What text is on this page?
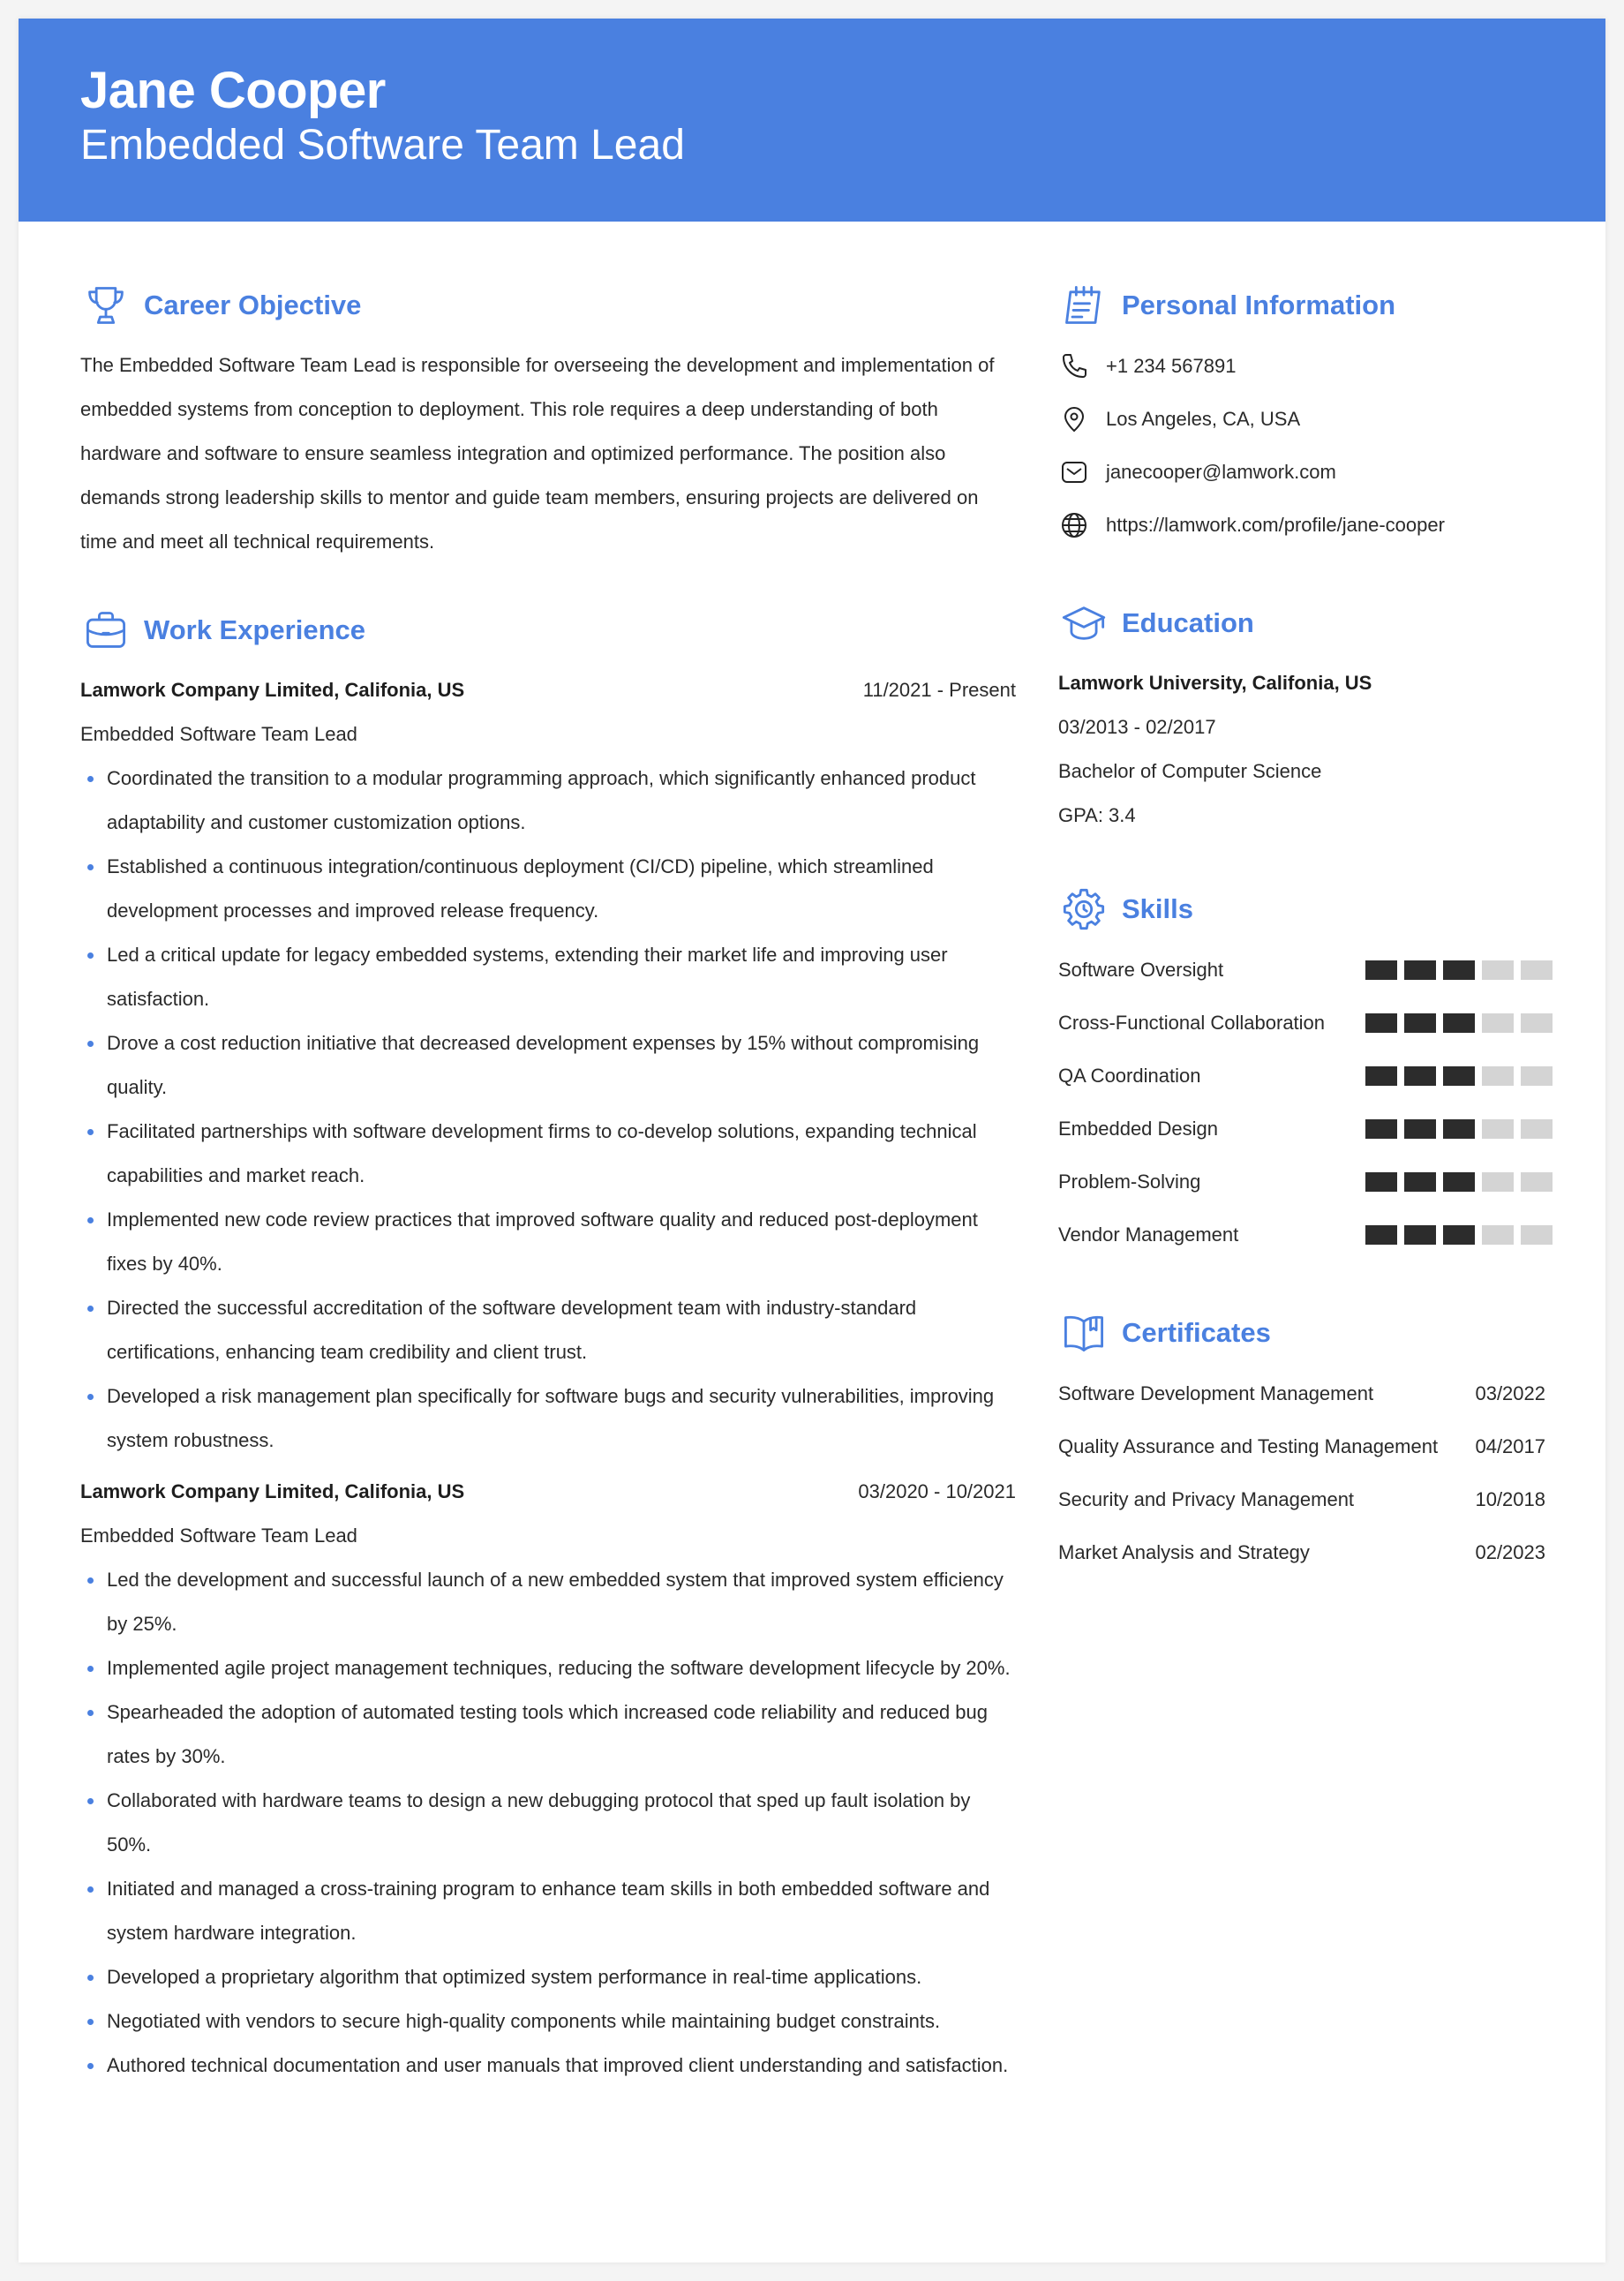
Jane Cooper
Embedded Software Team Lead
Career Objective
The Embedded Software Team Lead is responsible for overseeing the development and implementation of embedded systems from conception to deployment. This role requires a deep understanding of both hardware and software to ensure seamless integration and optimized performance. The position also demands strong leadership skills to mentor and guide team members, ensuring projects are delivered on time and meet all technical requirements.
Work Experience
Lamwork Company Limited, Califonia, US	11/2021 - Present
Embedded Software Team Lead
Coordinated the transition to a modular programming approach, which significantly enhanced product adaptability and customer customization options.
Established a continuous integration/continuous deployment (CI/CD) pipeline, which streamlined development processes and improved release frequency.
Led a critical update for legacy embedded systems, extending their market life and improving user satisfaction.
Drove a cost reduction initiative that decreased development expenses by 15% without compromising quality.
Facilitated partnerships with software development firms to co-develop solutions, expanding technical capabilities and market reach.
Implemented new code review practices that improved software quality and reduced post-deployment fixes by 40%.
Directed the successful accreditation of the software development team with industry-standard certifications, enhancing team credibility and client trust.
Developed a risk management plan specifically for software bugs and security vulnerabilities, improving system robustness.
Lamwork Company Limited, Califonia, US	03/2020 - 10/2021
Embedded Software Team Lead
Led the development and successful launch of a new embedded system that improved system efficiency by 25%.
Implemented agile project management techniques, reducing the software development lifecycle by 20%.
Spearheaded the adoption of automated testing tools which increased code reliability and reduced bug rates by 30%.
Collaborated with hardware teams to design a new debugging protocol that sped up fault isolation by 50%.
Initiated and managed a cross-training program to enhance team skills in both embedded software and system hardware integration.
Developed a proprietary algorithm that optimized system performance in real-time applications.
Negotiated with vendors to secure high-quality components while maintaining budget constraints.
Authored technical documentation and user manuals that improved client understanding and satisfaction.
Personal Information
+1 234 567891
Los Angeles, CA, USA
janecooper@lamwork.com
https://lamwork.com/profile/jane-cooper
Education
Lamwork University, Califonia, US
03/2013 - 02/2017
Bachelor of Computer Science
GPA: 3.4
Skills
Software Oversight
Cross-Functional Collaboration
QA Coordination
Embedded Design
Problem-Solving
Vendor Management
Certificates
Software Development Management	03/2022
Quality Assurance and Testing Management 04/2017
Security and Privacy Management	10/2018
Market Analysis and Strategy	02/2023
